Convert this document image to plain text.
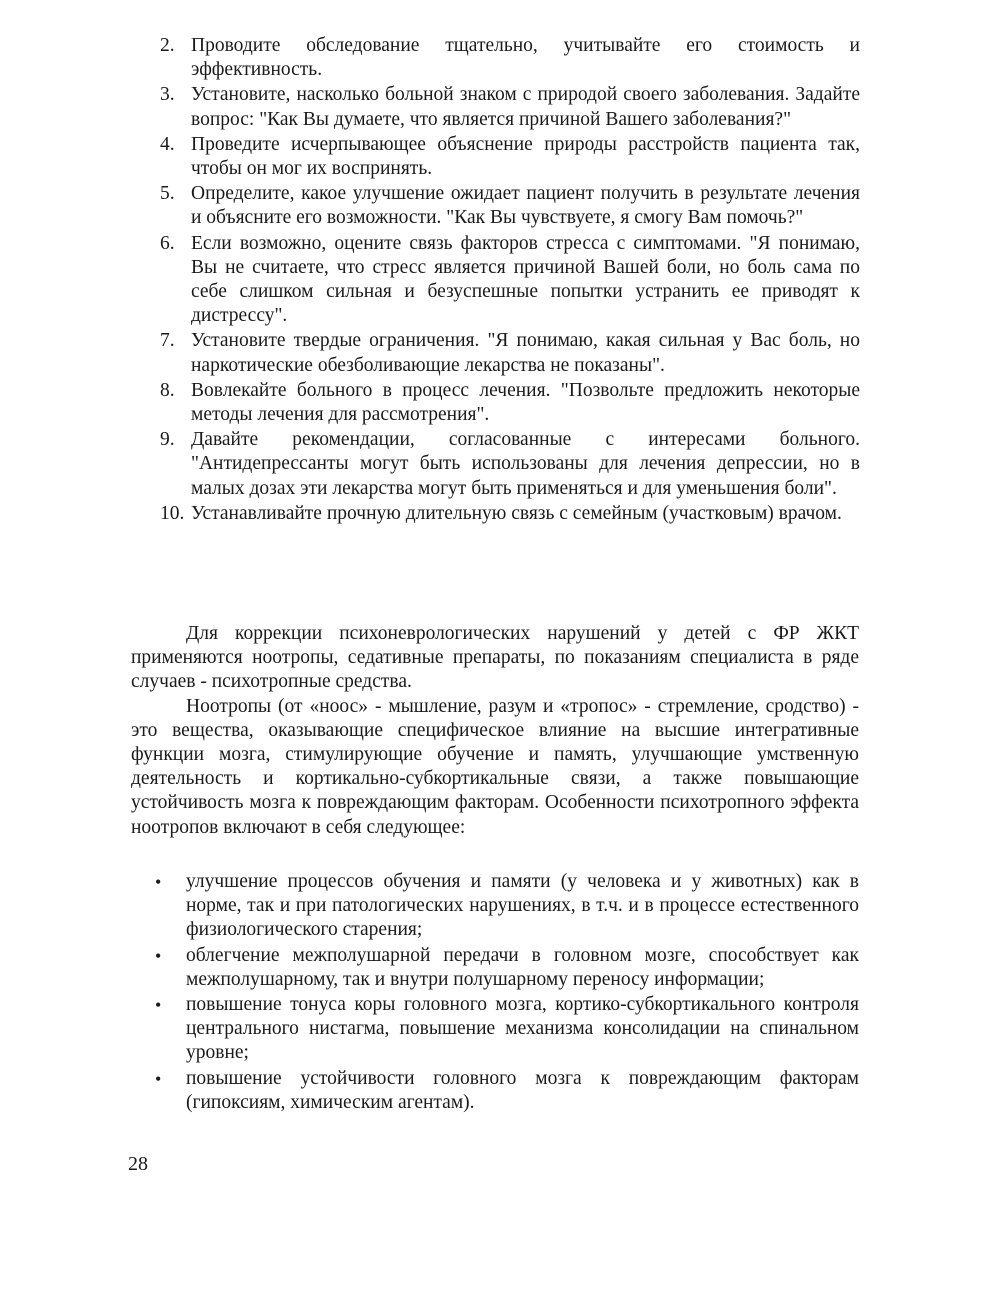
2. Проводите обследование тщательно, учитывайте его стоимость и эффективность.
3. Установите, насколько больной знаком с природой своего заболевания. Задайте вопрос: "Как Вы думаете, что является причиной Вашего заболевания?"
4. Проведите исчерпывающее объяснение природы расстройств пациента так, чтобы он мог их воспринять.
5. Определите, какое улучшение ожидает пациент получить в результате лечения и объясните его возможности. "Как Вы чувствуете, я смогу Вам помочь?"
6. Если возможно, оцените связь факторов стресса с симптомами. "Я понимаю, Вы не считаете, что стресс является причиной Вашей боли, но боль сама по себе слишком сильная и безуспешные попытки устранить ее приводят к дистрессу".
7. Установите твердые ограничения. "Я понимаю, какая сильная у Вас боль, но наркотические обезболивающие лекарства не показаны".
8. Вовлекайте больного в процесс лечения. "Позвольте предложить некоторые методы лечения для рассмотрения".
9. Давайте рекомендации, согласованные с интересами больного. "Антидепрессанты могут быть использованы для лечения депрессии, но в малых дозах эти лекарства могут быть применяться и для уменьшения боли".
10. Устанавливайте прочную длительную связь с семейным (участковым) врачом.

Для коррекции психоневрологических нарушений у детей с ФР ЖКТ применяются ноотропы, седативные препараты, по показаниям специалиста в ряде случаев - психотропные средства.

Ноотропы (от «ноос» - мышление, разум и «тропос» - стремление, сродство) - это вещества, оказывающие специфическое влияние на высшие интегративные функции мозга, стимулирующие обучение и память, улучшающие умственную деятельность и кортикально-субкортикальные связи, а также повышающие устойчивость мозга к повреждающим факторам. Особенности психотропного эффекта ноотропов включают в себя следующее:

•	улучшение процессов обучения и памяти (у человека и у животных) как в норме, так и при патологических нарушениях, в т.ч. и в процессе естественного физиологического старения;
•	облегчение межполушарной передачи в головном мозге, способствует как межполушарному, так и внутри полушарному переносу информации;
•	повышение тонуса коры головного мозга, кортико-субкортикального контроля центрального нистагма, повышение механизма консолидации на спинальном уровне;
•	повышение устойчивости головного мозга к повреждающим факторам (гипоксиям, химическим агентам).
28
